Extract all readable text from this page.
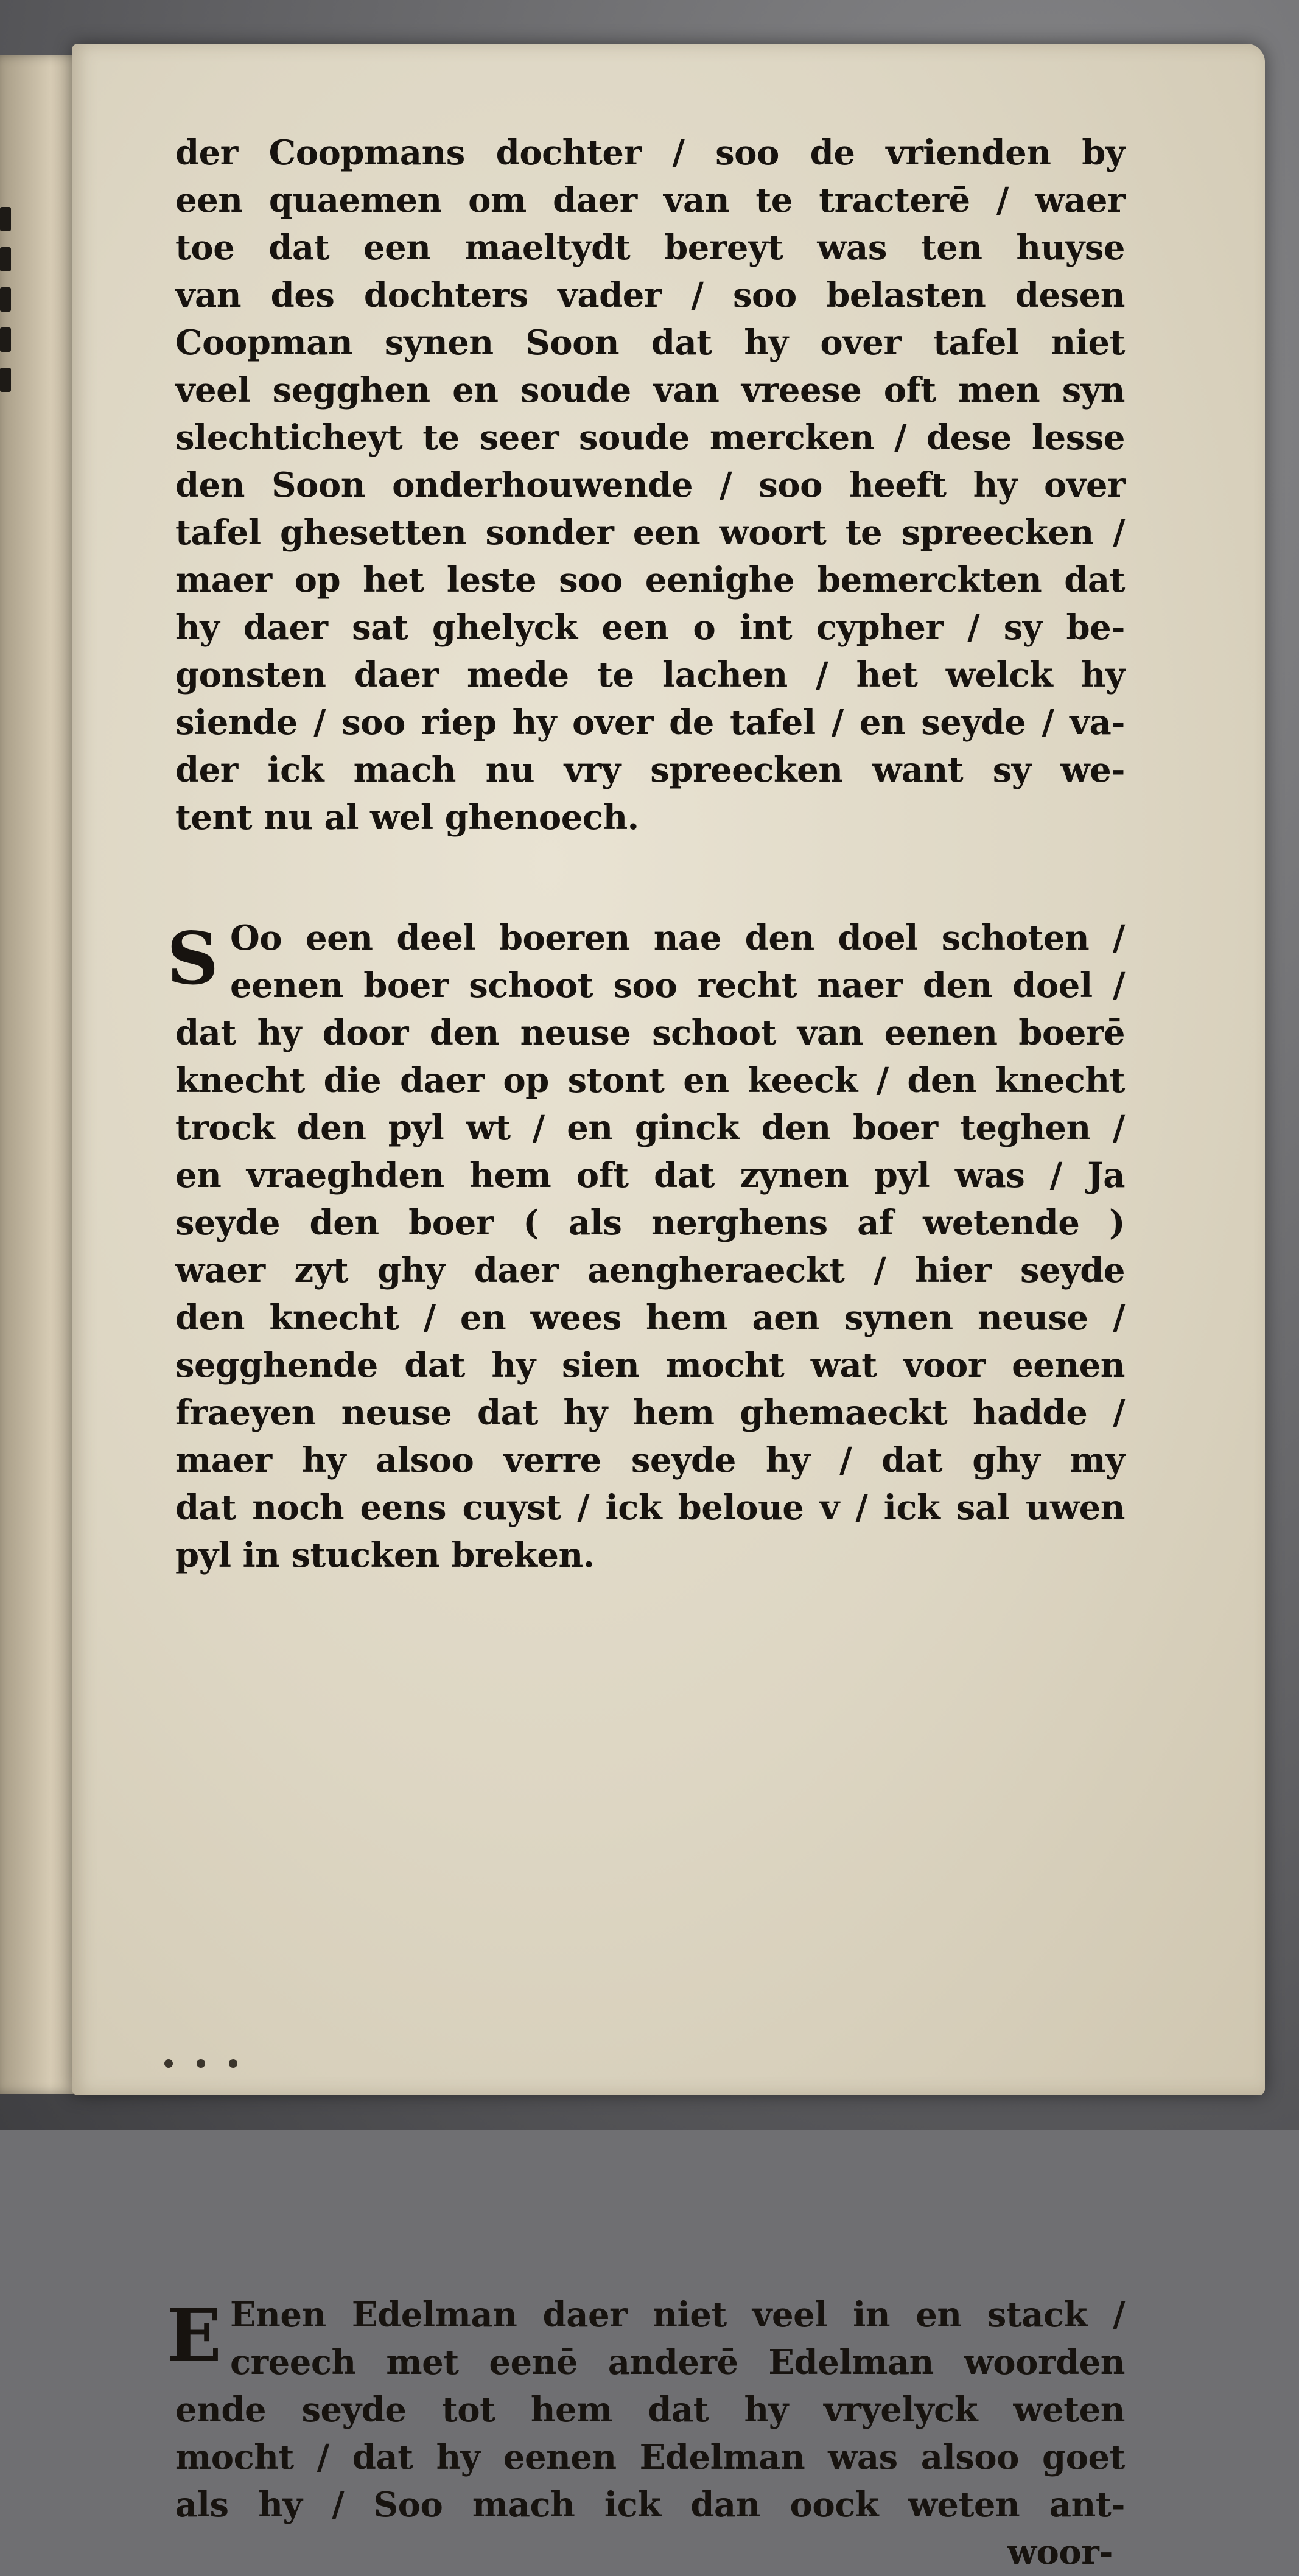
der Coopmans dochter / soo de vrienden by
een quaemen om daer van te tracterē / waer
toe dat een maeltydt bereyt was ten huyse
van des dochters vader / soo belasten desen
Coopman synen Soon dat hy over tafel niet
veel segghen en soude van vreese oft men syn
slechticheyt te seer soude mercken / dese lesse
den Soon onderhouwende / soo heeft hy over
tafel ghesetten sonder een woort te spreecken /
maer op het leste soo eenighe bemerckten dat
hy daer sat ghelyck een o int cypher / sy be-
gonsten daer mede te lachen / het welck hy
siende / soo riep hy over de tafel / en seyde / va-
der ick mach nu vry spreecken want sy we-
tent nu al wel ghenoech.
S Oo een deel boeren nae den doel schoten /
eenen boer schoot soo recht naer den doel /
dat hy door den neuse schoot van eenen boerē
knecht die daer op stont en keeck / den knecht
trock den pyl wt / en ginck den boer teghen /
en vraeghden hem oft dat zynen pyl was / Ja
seyde den boer ( als nerghens af wetende )
waer zyt ghy daer aengheraeckt / hier seyde
den knecht / en wees hem aen synen neuse /
segghende dat hy sien mocht wat voor eenen
fraeyen neuse dat hy hem ghemaeckt hadde /
maer hy alsoo verre seyde hy / dat ghy my
dat noch eens cuyst / ick beloue v / ick sal uwen
pyl in stucken breken.
E Enen Edelman daer niet veel in en stack /
creech met eenē anderē Edelman woorden
ende seyde tot hem dat hy vryelyck weten
mocht / dat hy eenen Edelman was alsoo goet
als hy / Soo mach ick dan oock weten ant-
woor-
